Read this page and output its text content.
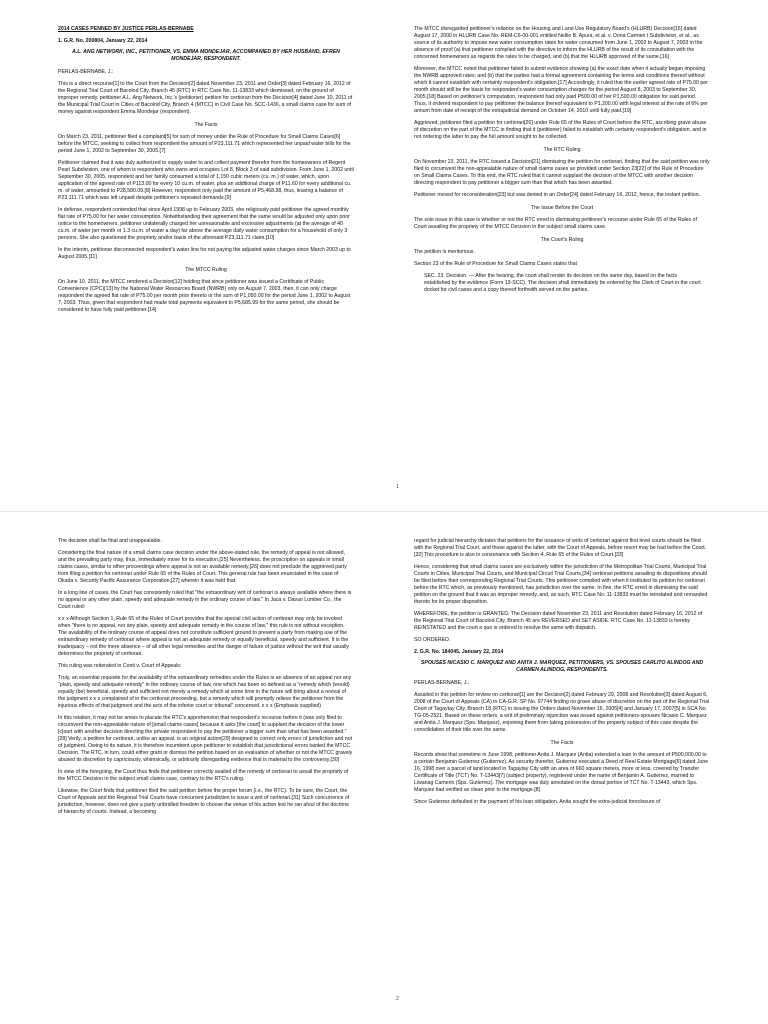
2014 CASES PENNED BY JUSTICE PERLAS-BERNABE

1. G.R. No. 200804, January 22, 2014

A.L. ANG NETWORK, INC., PETITIONER, VS. EMMA MONDEJAR, ACCOMPANIED BY HER HUSBAND, EFREN MONDEJAR, RESPONDENT.

PERLAS-BERNABE, J.:

This is a direct recourse[1] to the Court from the Decision[2] dated November 23, 2011 and Order[3] dated February 16, 2012 of the Regional Trial Court of Bacolod City, Branch 45 (RTC) in RTC Case No. 11-13833 which dismissed, on the ground of improper remedy, petitioner A.L. Ang Network, Inc.'s (petitioner) petition for certiorari from the Decision[4] dated June 10, 2011 of the Municipal Trial Court in Cities of Bacolod City, Branch 4 (MTCC) in Civil Case No. SCC-1436, a small claims case for sum of money against respondent Emma Mondejar (respondent).

The Facts

On March 23, 2011, petitioner filed a complaint[5] for sum of money under the Rule of Procedure for Small Claims Cases[6] before the MTCC, seeking to collect from respondent the amount of P23,111.71 which represented her unpaid water bills for the period June 1, 2002 to September 30, 2005.[7]

Petitioner claimed that it was duly authorized to supply water to and collect payment therefor from the homeowners of Regent Pearl Subdivision, one of whom is respondent who owns and occupies Lot 8, Block 3 of said subdivision. From June 1, 2002 until September 30, 2005, respondent and her family consumed a total of 1,150 cubic meters (cu. m.) of water, which, upon application of the agreed rate of P113.00 for every 10 cu.m. of water, plus an additional charge of P11.60 for every additional cu. m. of water, amounted to P28,580.09.[8] However, respondent only paid the amount of P5,468.38, thus, leaving a balance of P23,111.71 which was left unpaid despite petitioner's repeated demands.[9]

In defense, respondent contended that since April 1998 up to February 2003, she religiously paid petitioner the agreed monthly flat rate of P75.00 for her water consumption. Notwithstanding their agreement that the same would be adjusted only upon prior notice to the homeowners, petitioner unilaterally charged her unreasonable and excessive adjustments (at the average of 40 cu.m. of water per month or 1.3 cu.m. of water a day) far above the average daily water consumption for a household of only 3 persons. She also questioned the propriety and/or basis of the aforesaid P23,111.71 claim.[10]

In the interim, petitioner disconnected respondent's water line for not paying the adjusted water charges since March 2003 up to August 2005.[11]

The MTCC Ruling

On June 10, 2011, the MTCC rendered a Decision[12] holding that since petitioner was issued a Certificate of Public Convenience (CPC)[13] by the National Water Resources Board (NWRB) only on August 7, 2003, then, it can only charge respondent the agreed flat rate of P75.00 per month prior thereto or the sum of P1,050.00 for the period June 1, 2002 to August 7, 2003. Thus, given that respondent had made total payments equivalent to P5,685.99 for the same period, she should be considered to have fully paid petitioner.[14]

The MTCC disregarded petitioner's reliance on the Housing and Land Use Regulatory Board's (HLURB) Decision[15] dated August 17, 2000 in HLURB Case No. REM-C6-00-001 entitled Nellie B. Apura, et al. v. Dona Carmen I Subdivision, et al., as source of its authority to impose new water consumption rates for water consumed from June 1, 2002 to August 7, 2003 in the absence of proof (a) that petitioner complied with the directive to inform the HLURB of the result of its consultation with the concerned homeowners as regards the rates to be charged, and (b) that the HLURB approved of the same.[16]

Moreover, the MTCC noted that petitioner failed to submit evidence showing (a) the exact date when it actually began imposing the NWRB approved rates; and (b) that the parties had a formal agreement containing the terms and conditions thereof without which it cannot establish with certainty respondent's obligation.[17] Accordingly, it ruled that the earlier agreed rate of P75.00 per month should still be the basis for respondent's water consumption charges for the period August 8, 2003 to September 30, 2005.[18] Based on petitioner's computation, respondent had only paid P500.00 of her P1,500.00 obligation for said period. Thus, it ordered respondent to pay petitioner the balance thereof equivalent to P1,200.00 with legal interest at the rate of 6% per annum from date of receipt of the extrajudicial demand on October 14, 2010 until fully paid.[19]

Aggrieved, petitioner filed a petition for certiorari[20] under Rule 65 of the Rules of Court before the RTC, ascribing grave abuse of discretion on the part of the MTCC in finding that it (petitioner) failed to establish with certainty respondent's obligation, and in not ordering the latter to pay the full amount sought to be collected.

The RTC Ruling

On November 23, 2011, the RTC issued a Decision[21] dismissing the petition for certiorari, finding that the said petition was only filed to circumvent the non-appealable nature of small claims cases as provided under Section 23[22] of the Rule of Procedure on Small Claims Cases. To this end, the RTC ruled that it cannot supplant the decision of the MTCC with another decision directing respondent to pay petitioner a bigger sum than that which has been awarded.

Petitioner moved for reconsideration[23] but was denied in an Order[24] dated February 16, 2012, hence, the instant petition.

The Issue Before the Court

The sole issue in this case is whether or not the RTC erred in dismissing petitioner's recourse under Rule 65 of the Rules of Court assailing the propriety of the MTCC Decision in the subject small claims case.

The Court's Ruling

The petition is meritorious.

Section 23 of the Rule of Procedure for Small Claims Cases states that

SEC. 23. Decision. — After the hearing, the court shall render its decision on the same day, based on the facts established by the evidence (Form 13-SCC). The decision shall immediately be entered by the Clerk of Court in the court docket for civil cases and a copy thereof forthwith served on the parties.

1

The decision shall be final and unappealable.

Considering the final nature of a small claims case decision under the above-stated rule, the remedy of appeal is not allowed, and the prevailing party may, thus, immediately move for its execution.[25] Nevertheless, the proscription on appeals in small claims cases, similar to other proceedings where appeal is not an available remedy,[26] does not preclude the aggrieved party from filing a petition for certiorari under Rule 65 of the Rules of Court. This general rule has been enunciated in the case of Okada v. Security Pacific Assurance Corporation,[27] wherein it was held that:

In a long line of cases, the Court has consistently ruled that "the extraordinary writ of certiorari is always available where there is no appeal or any other plain, speedy and adequate remedy in the ordinary course of law." In Jaca v. Davao Lumber Co., the Court ruled:

x x x Although Section 1, Rule 65 of the Rules of Court provides that the special civil action of certiorari may only be invoked when "there is no appeal, nor any plain, speedy and adequate remedy in the course of law," this rule is not without exception. The availability of the ordinary course of appeal does not constitute sufficient ground to prevent a party from making use of the extraordinary remedy of certiorari where appeal is not an adequate remedy or equally beneficial, speedy and sufficient. It is the inadequacy – not the mere absence – of all other legal remedies and the danger of failure of justice without the writ that usually determines the propriety of certiorari.

This ruling was reiterated in Conti v. Court of Appeals:

Truly, an essential requisite for the availability of the extraordinary remedies under the Rules is an absence of an appeal nor any "plain, speedy and adequate remedy" in the ordinary course of law, one which has been so defined as a "remedy which (would) equally (be) beneficial, speedy and sufficient not merely a remedy which at some time in the future will bring about a revival of the judgment x x x complained of in the certiorari proceeding, but a remedy which will promptly relieve the petitioner from the injurious effects of that judgment and the acts of the inferior court or tribunal" concerned. x x x (Emphasis supplied)

In this relation, it may not be amiss to placate the RTC's apprehension that respondent's recourse before it (was only filed to circumvent the non-appealable nature of [small claims cases] because it asks [the court] to supplant the decision of the lower [c]ourt with another decision directing the private respondent to pay the petitioner a bigger sum than what has been awarded."[28] Verily, a petition for certiorari, unlike an appeal, is an original action[29] designed to correct only errors of jurisdiction and not of judgment. Owing to its nature, it is therefore incumbent upon petitioner to establish that jurisdictional errors tainted the MTCC Decision. The RTC, in turn, could either grant or dismiss the petition based on an evaluation of whether or not the MTCC gravely abused its discretion by capriciously, whimsically, or arbitrarily disregarding evidence that is material to the controversy.[30]

In view of the foregoing, the Court thus finds that petitioner correctly availed of the remedy of certiorari to assail the propriety of the MTCC Decision in the subject small claims case, contrary to the RTC's ruling.

Likewise, the Court finds that petitioner filed the said petition before the proper forum (i.e., the RTC). To be sure, the Court, the Court of Appeals and the Regional Trial Courts have concurrent jurisdiction to issue a writ of certiorari.[31] Such concurrence of jurisdiction, however, does not give a party unbridled freedom to choose the venue of his action lest he ran afoul of the doctrine of hierarchy of courts. Instead, a becoming

regard for judicial hierarchy dictates that petitions for the issuance of writs of certiorari against first level courts should be filed with the Regional Trial Court, and those against the latter, with the Court of Appeals, before resort may be had before the Court.[32] This procedure is also in consonance with Section 4, Rule 65 of the Rules of Court.[33]

Hence, considering that small claims cases are exclusively within the jurisdiction of the Metropolitan Trial Courts, Municipal Trial Courts in Cities, Municipal Trial Courts, and Municipal Circuit Trial Courts,[34] certiorari petitions assailing its dispositions should be filed before their corresponding Regional Trial Courts. This petitioner complied with when it instituted its petition for certiorari before the RTC which, as previously mentioned, has jurisdiction over the same. In fine, the RTC erred in dismissing the said petition on the ground that it was an improper remedy, and, as such, RTC Case No. 11-13833 must be reinstated and remanded thereto for its proper disposition.

WHEREFORE, the petition is GRANTED. The Decision dated November 23, 2011 and Resolution dated February 16, 2012 of the Regional Trial Court of Bacolod City, Branch 45 are REVERSED and SET ASIDE. RTC Case No. 11-13833 is hereby REINSTATED and the court a quo is ordered to resolve the same with dispatch.

SO ORDERED.

2. G.R. No. 184045, January 22, 2014

SPOUSES NICASIO C. MARQUEZ AND ANITA J. MARQUEZ, PETITIONERS, VS. SPOUSES CARLITO ALINDOG AND CARMEN ALINDOG, RESPONDENTS.

PERLAS-BERNABE, J.:

Assailed in this petition for review on certiorari[1] are the Decision[2] dated February 29, 2008 and Resolution[3] dated August 6, 2008 of the Court of Appeals (CA) in CA-G.R. SP No. 97744 finding no grave abuse of discretion on the part of the Regional Trial Court of Tagaytay City, Branch 18 (RTC) in issuing the Orders dated November 16, 2005[4] and January 17, 2007[5] in SCA No. TG-05-2521. Based on these orders, a writ of preliminary injunction was issued against petitioners-spouses Nicasio C. Marquez and Anita J. Marquez (Sps. Marquez), enjoining them from taking possession of the property subject of this case despite the consolidation of their title over the same.

The Facts

Records show that sometime in June 1998, petitioner Anita J. Marquez (Anita) extended a loan in the amount of P500,000.00 to a certain Benjamin Gutierrez (Gutierrez). As security therefor, Gutierrez executed a Deed of Real Estate Mortgage[6] dated June 16, 1998 over a parcel of land located in Tagaytay City with an area of 660 square meters, more or less, covered by Transfer Certificate of Title (TCT) No. T-13443[7] (subject property), registered under the name of Benjamin A. Gutierrez, married to Liwanag Camerin (Sps. Gutierrez). The mortgage was duly annotated on the dorsal portion of TCT No. T-13443, which Sps. Marquez had verified as clean prior to the mortgage.[8]

Since Gutierrez defaulted in the payment of his loan obligation, Anita sought the extra-judicial foreclosure of

2
